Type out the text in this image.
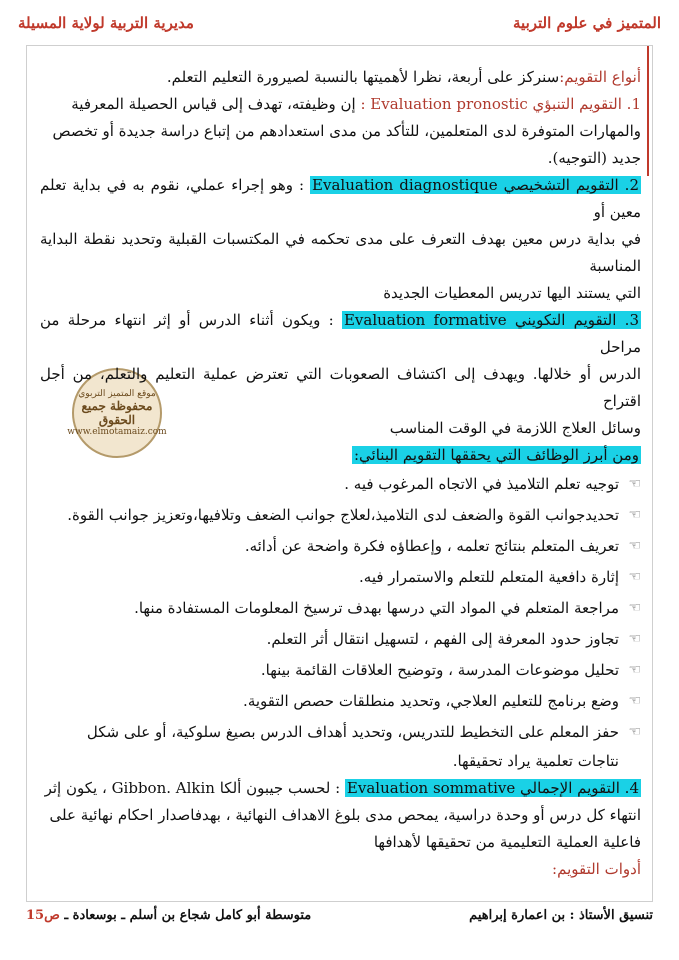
المتميز في علوم التربية
مديرية التربية لولاية المسيلة
موقع المتميز التربوي
محفوظة جميع الحقوق
www.elmotamaiz.com

أنواع التقويم:سنركز على أربعة، نظرا لأهميتها بالنسبة لصيرورة التعليم التعلم.

1. التقويم التنبؤي Evaluation pronostic : إن وظيفته، تهدف إلى قياس الحصيلة المعرفية

والمهارات المتوفرة لدى المتعلمين، للتأكد من مدى استعدادهم من إتباع دراسة جديدة أو تخصص

جديد (التوجيه).

2. التقويم التشخيصي Evaluation diagnostique : وهو إجراء عملي، نقوم به في بداية تعلم معين أو

في بداية درس معين بهدف التعرف على مدى تحكمه في المكتسبات القبلية وتحديد نقطة البداية المناسبة

التي يستند اليها تدريس المعطيات الجديدة

3. التقويم التكويني Evaluation formative : ويكون أثناء الدرس أو إثر انتهاء مرحلة من مراحل

الدرس أو خلالها. ويهدف إلى اكتشاف الصعوبات التي تعترض عملية التعليم والتعلم، من أجل اقتراح

وسائل العلاج اللازمة في الوقت المناسب

ومن أبرز الوظائف التي يحققها التقويم البنائي:

☜
توجيه تعلم التلاميذ في الاتجاه المرغوب فيه .
☜
تحديدجوانب القوة والضعف لدى التلاميذ،لعلاج جوانب الضعف وتلافيها،وتعزيز جوانب القوة.
☜
تعريف المتعلم بنتائج تعلمه ، وإعطاؤه فكرة واضحة عن أدائه.
☜
إثارة دافعية المتعلم للتعلم والاستمرار فيه.
☜
مراجعة المتعلم في المواد التي درسها بهدف ترسيخ المعلومات المستفادة منها.
☜
تجاوز حدود المعرفة إلى الفهم ، لتسهيل انتقال أثر التعلم.
☜
تحليل موضوعات المدرسة ، وتوضيح العلاقات القائمة بينها.
☜
وضع برنامج للتعليم العلاجي، وتحديد منطلقات حصص التقوية.
☜
حفز المعلم على التخطيط للتدريس، وتحديد أهداف الدرس بصيغ سلوكية، أو على شكل

نتاجات تعلمية يراد تحقيقها.

4. التقويم الإجمالي Evaluation sommative : لحسب جيبون ألكا Gibbon. Alkin ، يكون إثر

انتهاء كل درس أو وحدة دراسية، يمحص مدى بلوغ الاهداف النهائية ، بهدفاصدار احكام نهائية على

فاعلية العملية التعليمية من تحقيقها لأهدافها

أدوات التقويم:

تنسيق الأستاذ : بن اعمارة إبراهيم
متوسطة أبو كامل شجاع بن أسلم ـ بوسعادة ـ ص15
